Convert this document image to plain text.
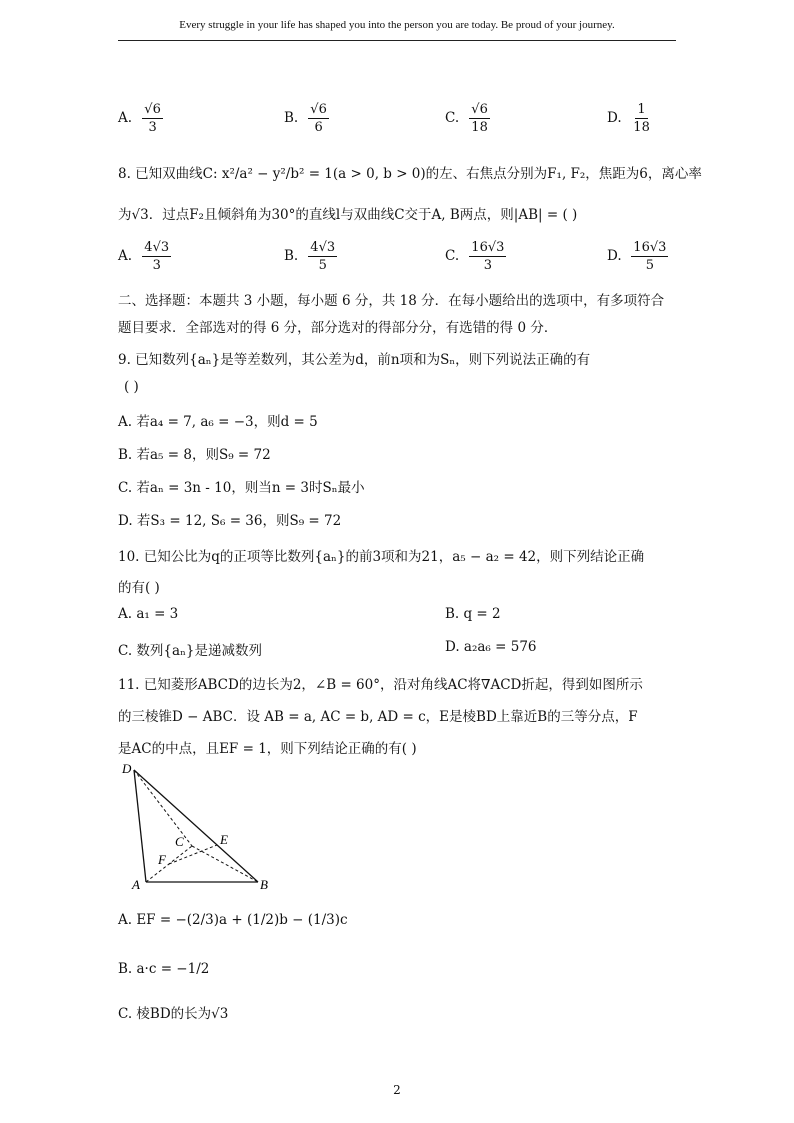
Every struggle in your life has shaped you into the person you are today. Be proud of your journey.
A. $\frac{√6}{3}$	B. $\frac{√6}{6}$	C. $\frac{√6}{18}$	D. $\frac{1}{18}$
8. 已知双曲线C: x²/a² − y²/b² = 1(a > 0, b > 0)的左、右焦点分别为F₁, F₂，焦距为6，离心率
为√3．过点F₂且倾斜角为30°的直线l与双曲线C交于A, B两点，则|AB| = ( )
A. $\frac{4√3}{3}$	B. $\frac{4√3}{5}$	C. $\frac{16√3}{3}$	D. $\frac{16√3}{5}$
二、选择题：本题共 3 小题，每小题 6 分，共 18 分．在每小题给出的选项中，有多项符合
题目要求．全部选对的得 6 分，部分选对的得部分分，有选错的得 0 分．
9. 已知数列{aₙ}是等差数列，其公差为d，前n项和为Sₙ，则下列说法正确的有
( )
A. 若a₄ = 7, a₆ = −3，则d = 5
B. 若a₅ = 8，则S₉ = 72
C. 若aₙ = 3n - 10，则当n = 3时Sₙ最小
D. 若S₃ = 12, S₆ = 36，则S₉ = 72
10. 已知公比为q的正项等比数列{aₙ}的前3项和为21，a₅ − a₂ = 42，则下列结论正确
的有( )
A. a₁ = 3	B. q = 2
C. 数列{aₙ}是递减数列	D. a₂a₆ = 576
11. 已知菱形ABCD的边长为2，∠B = 60°，沿对角线AC将∇ACD折起，得到如图所示
的三棱锥D − ABC．设 AB = a, AC = b, AD = c，E是棱BD上靠近B的三等分点，F
是AC的中点，且EF = 1，则下列结论正确的有( )
D
C	E
F
A	B
A. EF = −(2/3)a + (1/2)b − (1/3)c
B. a·c = −1/2
C. 棱BD的长为√3
2
